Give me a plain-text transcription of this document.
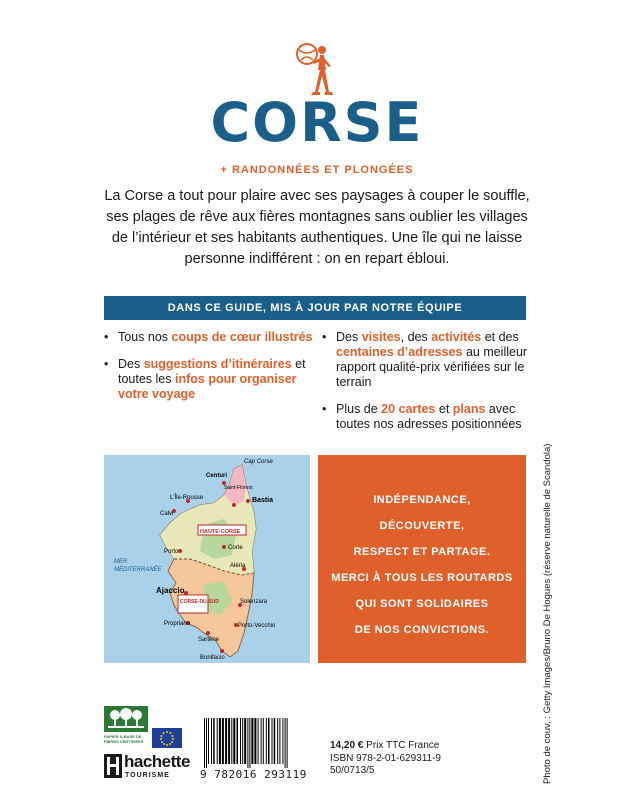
CORSE
+ RANDONNÉES ET PLONGÉES
La Corse a tout pour plaire avec ses paysages à couper le souffle, ses plages de rêve aux fières montagnes sans oublier les villages de l’intérieur et ses habitants authentiques. Une île qui ne laisse personne indifférent : on en repart ébloui.
DANS CE GUIDE, MIS À JOUR PAR NOTRE ÉQUIPE
• Tous nos coups de cœur illustrés
• Des suggestions d’itinéraires et toutes les infos pour organiser votre voyage
• Des visites, des activités et des centaines d’adresses au meilleur rapport qualité-prix vérifiées sur le terrain
• Plus de 20 cartes et plans avec toutes nos adresses positionnées
Cap Corse
Centuri
Bastia
Saint-Florent
L'Île-Rousse
Calvi
HAUTE-CORSE
Corte
Porto
Aléria
MER
MÉDITERRANÉE
Ajaccio
CORSE-DU-SUD	Solenzara
Propriano
Sartène
Porto-Vecchio
Bonifacio
INDÉPENDANCE,
DÉCOUVERTE,
RESPECT ET PARTAGE.
MERCI À TOUS LES ROUTARDS
QUI SONT SOLIDAIRES
DE NOS CONVICTIONS.	Photo de couv. : Getty Images/Bruno De Hogues (réserve naturelle de Scandola)
PAPIER À BASE DE FIBRES CERTIFIÉES
hachette
TOURISME	9 782016 293119
14,20 € Prix TTC France
ISBN 978-2-01-629311-9
50/0713/5
